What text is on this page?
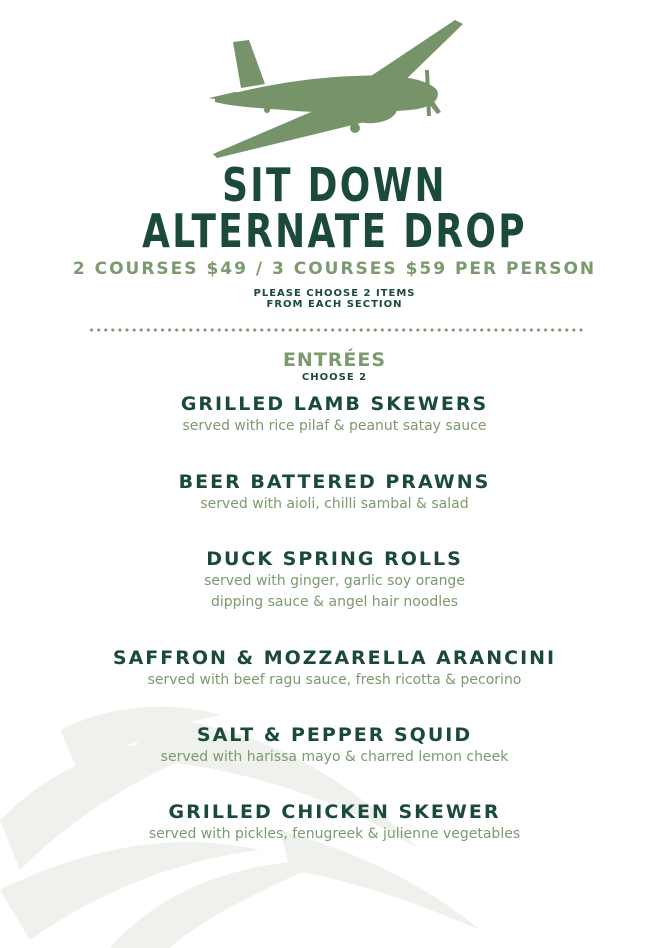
SIT DOWN
ALTERNATE DROP
2 COURSES $49 / 3 COURSES $59 PER PERSON
PLEASE CHOOSE 2 ITEMS
FROM EACH SECTION
ENTRÉES
CHOOSE 2
GRILLED LAMB SKEWERS
served with rice pilaf & peanut satay sauce
BEER BATTERED PRAWNS
served with aioli, chilli sambal & salad
DUCK SPRING ROLLS
served with ginger, garlic soy orange
dipping sauce & angel hair noodles
SAFFRON & MOZZARELLA ARANCINI
served with beef ragu sauce, fresh ricotta & pecorino
SALT & PEPPER SQUID
served with harissa mayo & charred lemon cheek
GRILLED CHICKEN SKEWER
served with pickles, fenugreek & julienne vegetables
